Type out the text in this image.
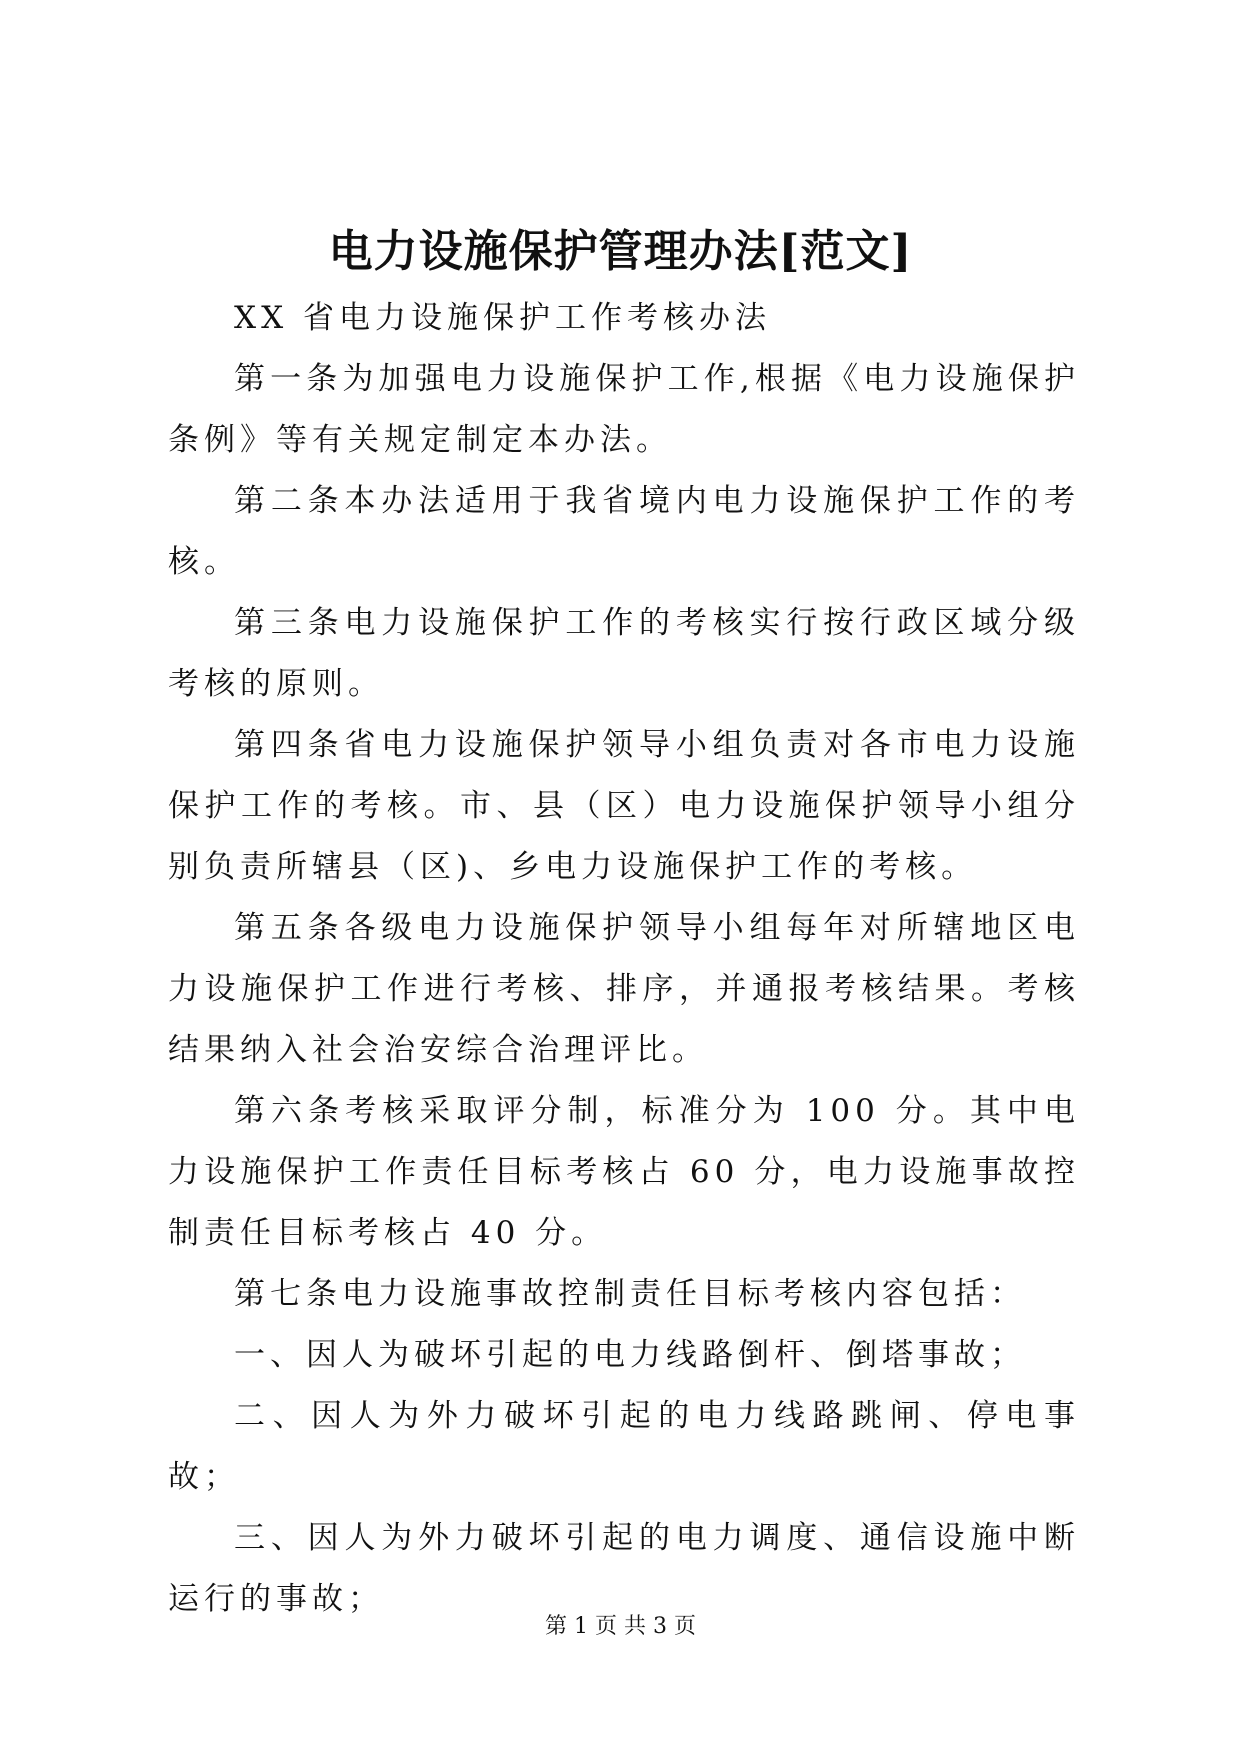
电力设施保护管理办法[范文]

XX 省电力设施保护工作考核办法

第一条为加强电力设施保护工作,根据《电力设施保护条例》等有关规定制定本办法。

第二条本办法适用于我省境内电力设施保护工作的考核。

第三条电力设施保护工作的考核实行按行政区域分级考核的原则。

第四条省电力设施保护领导小组负责对各市电力设施保护工作的考核。市、县（区）电力设施保护领导小组分别负责所辖县（区)、乡电力设施保护工作的考核。

第五条各级电力设施保护领导小组每年对所辖地区电力设施保护工作进行考核、排序，并通报考核结果。考核结果纳入社会治安综合治理评比。

第六条考核采取评分制，标准分为 100 分。其中电力设施保护工作责任目标考核占 60 分，电力设施事故控制责任目标考核占 40 分。

第七条电力设施事故控制责任目标考核内容包括：

一、因人为破坏引起的电力线路倒杆、倒塔事故；

二、因人为外力破坏引起的电力线路跳闸、停电事故；

三、因人为外力破坏引起的电力调度、通信设施中断运行的事故；

第 1 页 共 3 页
